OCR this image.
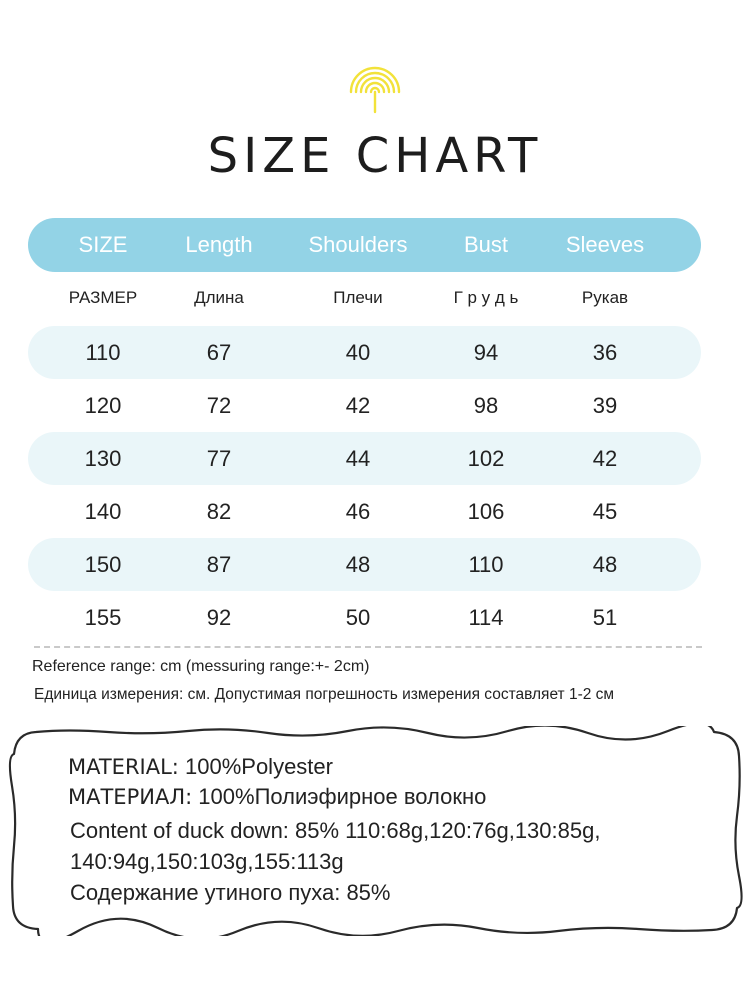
SIZE CHART
SIZE	Length	Shoulders	Bust	Sleeves
РАЗМЕР	Длина	Плечи	Г р у д ь	Рукав
110	67	40	94	36
120	72	42	98	39
130	77	44	102	42
140	82	46	106	45
150	87	48	110	48
155	92	50	114	51
Reference range: cm (messuring range:+- 2cm)
Единица измерения: см. Допустимая погрешность измерения составляет 1-2 см
MATERIAL: 100%Polyester
МАТЕРИАЛ: 100%Полиэфирное волокно
Content of duck down: 85% 110:68g,120:76g,130:85g,
140:94g,150:103g,155:113g
Содержание утиного пуха: 85%
